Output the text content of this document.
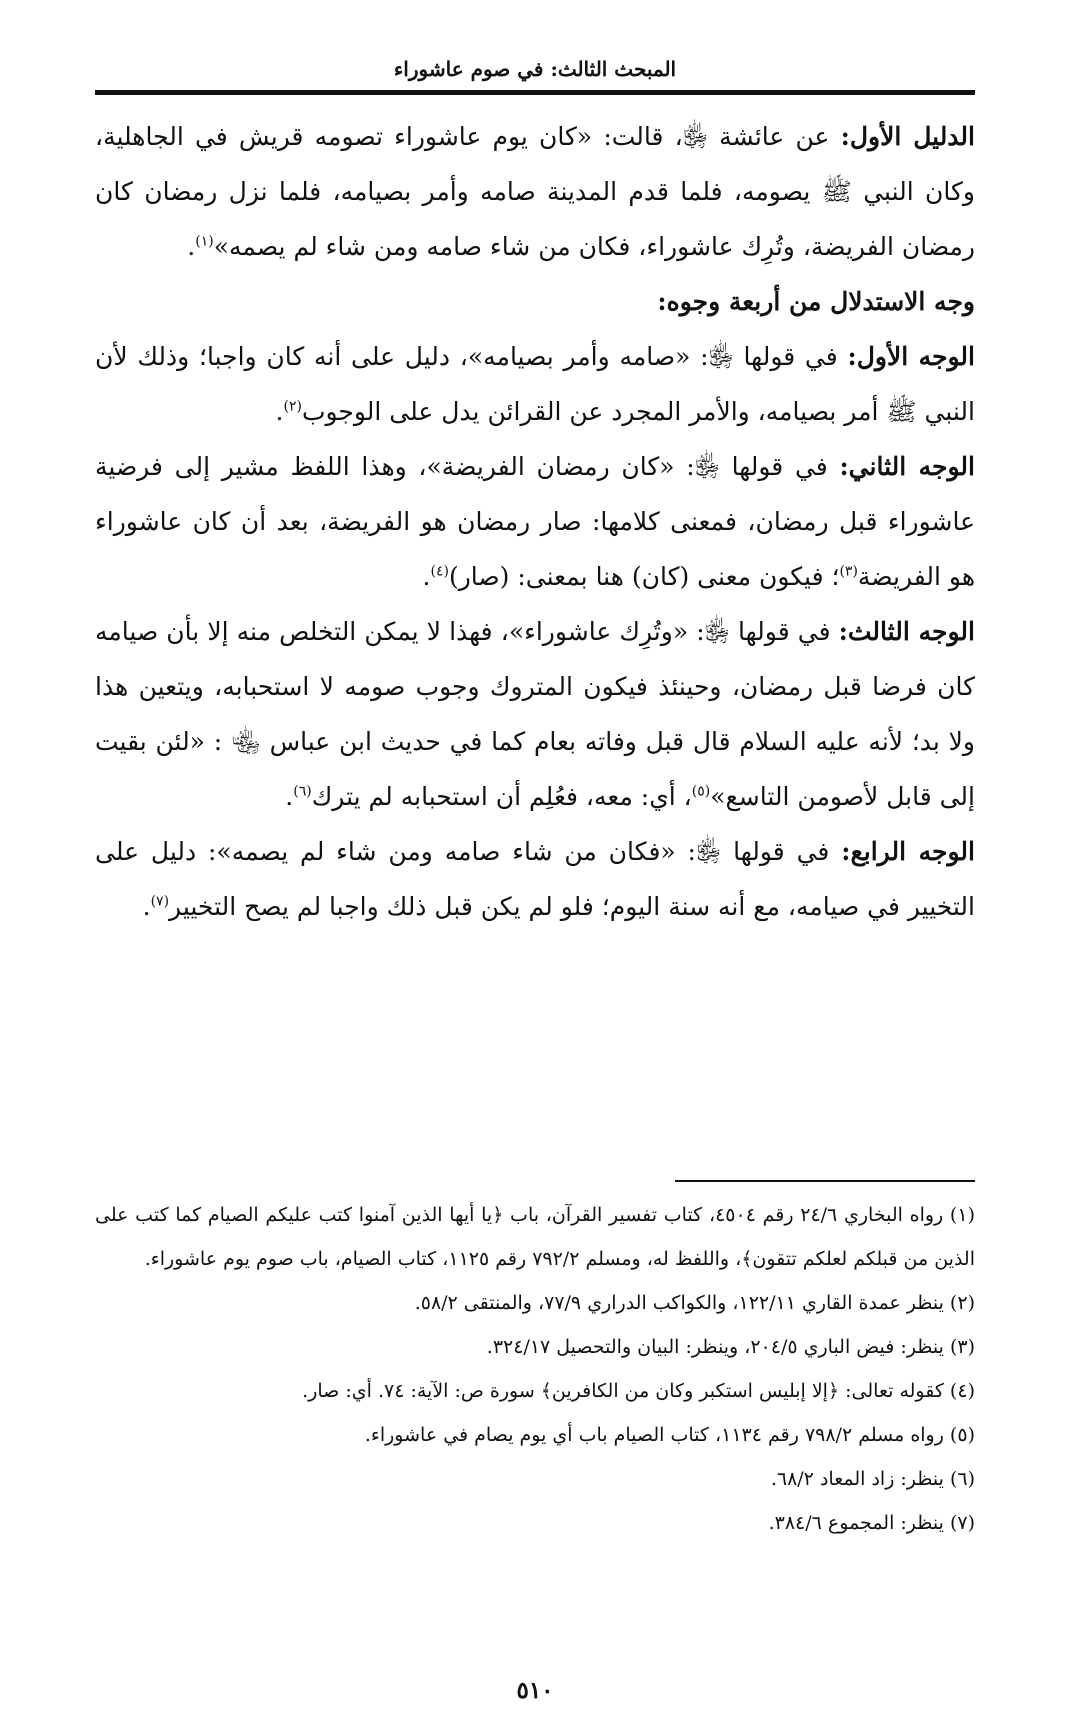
المبحث الثالث: في صوم عاشوراء

الدليل الأول: عن عائشة ﵂، قالت: «كان يوم عاشوراء تصومه قريش في الجاهلية، وكان النبي ﷺ يصومه، فلما قدم المدينة صامه وأمر بصيامه، فلما نزل رمضان كان رمضان الفريضة، وتُرِك عاشوراء، فكان من شاء صامه ومن شاء لم يصمه»$^{(١)}$.

وجه الاستدلال من أربعة وجوه:

الوجه الأول: في قولها ﵂: «صامه وأمر بصيامه»، دليل على أنه كان واجبا؛ وذلك لأن النبي ﷺ أمر بصيامه، والأمر المجرد عن القرائن يدل على الوجوب$^{(٢)}$.

الوجه الثاني: في قولها ﵂: «كان رمضان الفريضة»، وهذا اللفظ مشير إلى فرضية عاشوراء قبل رمضان، فمعنى كلامها: صار رمضان هو الفريضة، بعد أن كان عاشوراء هو الفريضة$^{(٣)}$؛ فيكون معنى (كان) هنا بمعنى: (صار)$^{(٤)}$.

الوجه الثالث: في قولها ﵂: «وتُرِك عاشوراء»، فهذا لا يمكن التخلص منه إلا بأن صيامه كان فرضا قبل رمضان، وحينئذ فيكون المتروك وجوب صومه لا استحبابه، ويتعين هذا ولا بد؛ لأنه عليه السلام قال قبل وفاته بعام كما في حديث ابن عباس ﵄ : «لئن بقيت إلى قابل لأصومن التاسع»$^{(٥)}$، أي: معه، فعُلِم أن استحبابه لم يترك$^{(٦)}$.

الوجه الرابع: في قولها ﵂: «فكان من شاء صامه ومن شاء لم يصمه»: دليل على التخيير في صيامه، مع أنه سنة اليوم؛ فلو لم يكن قبل ذلك واجبا لم يصح التخيير$^{(٧)}$.

(١) رواه البخاري ٢٤/٦ رقم ٤٥٠٤، كتاب تفسير القرآن، باب ﴿يا أيها الذين آمنوا كتب عليكم الصيام كما كتب على الذين من قبلكم لعلكم تتقون﴾، واللفظ له، ومسلم ٧٩٢/٢ رقم ١١٢٥، كتاب الصيام، باب صوم يوم عاشوراء.

(٢) ينظر عمدة القاري ١٢٢/١١، والكواكب الدراري ٧٧/٩، والمنتقى ٥٨/٢.

(٣) ينظر: فيض الباري ٢٠٤/٥، وينظر: البيان والتحصيل ٣٢٤/١٧.

(٤) كقوله تعالى: ﴿إلا إبليس استكبر وكان من الكافرين﴾ سورة ص: الآية: ٧٤. أي: صار.

(٥) رواه مسلم ٧٩٨/٢ رقم ١١٣٤، كتاب الصيام باب أي يوم يصام في عاشوراء.

(٦) ينظر: زاد المعاد ٦٨/٢.

(٧) ينظر: المجموع ٣٨٤/٦.

٥١٠
